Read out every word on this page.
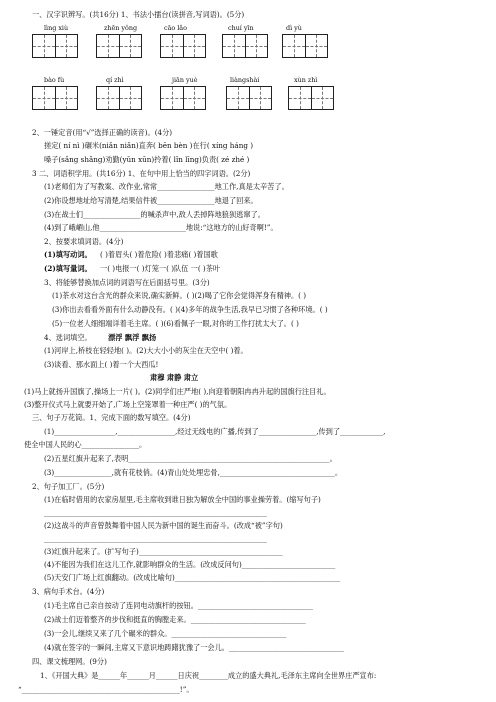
一、汉字识辨写。(共16分) 1、书法小擂台(读拼音,写词语)。(5分)
lìng xiù	zhēn yǒng	cāo lǎo	chuí yīn	dì yù
bào fù	qí zhì	jiān yuè	liàngshài	xùn zhì
2、一锤定音(用“√”选择正确的读音)。(4分)
搓定( ní nì )碾米(niǎn niǎn)直奔( bēn bèn )在行( xíng háng )
嗓子(sǎng shǎng)劝勤(yǔn xūn)拎着( lǐn līng)负责( zé zhé )
3 二、词语积学用。(共16分) 1、在句中用上恰当的四字词语。(2分)
(1)老师们为了写教案、改作业,常常________________地工作,真是太辛苦了。
(2)你设想地址给写清楚,结果信件被________________地退了回来。
(3)在战士们________________的喊杀声中,敌人丢掉阵地狼狈逃窜了。
(4)到了峨嵋山,他________________________地说:“这地方的山好奇啊!”。
2、按要求填词语。(4分)
(1)填写动词。 ( )着眉头( )着危险( )着悲痛( )着国歌
(2)填写量词。 一( )电报一( )灯笼一( )队伍 一( )茶叶
3、将能够替换加点词的词语写在后面括号里。(3分)
(1)茶水对这台含光的群众来说,确实新鲜。( )(2)喝了它你会觉得浑身有精神。( )
(3)你出去看看外面有什么动静没有。( )(4)多年的战争生活,我早已习惯了各种环境。( )
(5)一位老人细细端详着毛主席。( )(6)看佩子一眼,对你的工作打扰太大了。( )
4、选词填空。 漂浮 飘浮 飘扬
(1)河岸上,桥枝在轻轻地( )。(2)大大小小的灰尘在天空中( )着。
(3)谈看、那水面上( )着一个大西瓜!
肃穆 肃静 肃立
(1)马上就扬升国旗了,操场上一片( )。(2)同学们庄严地( ),向迎着朝阳冉冉升起的国旗行注目礼。
(3)整开仪式马上就要开始了,广场上空笼罩着一种庄严( )的气氛。
三、句子万花筒。1、完成下面的数写填空。(4分)
(1)_________________,________________,经过无线电的广播,传到了________________,传到了____________,
使全中国人民的心________________。
(2)五星红旗升起来了,表明________________________________________________________。
(3)________________,就有花枝俏。(4)青山处处埋忠骨,________________________________。
2、句子加工厂。(5分)
(1)在临时借用的农家房屋里,毛主席收到谁日独为解放全中国的事业操劳着。(缩写句子)
______________________________________________________________
(2)这战斗的声音曾鼓舞着中国人民为新中国的诞生而奋斗。(改成“被”字句)
______________________________________________________________
(3)红旗升起来了。(扩写句子)________________________________________
(4)不能因为我们在这儿工作,就影响群众的生活。(改成反问句)__________________________
(5)天安门广场上红旗翻动。(改成比喻句)______________________________________________
3、病句手术台。(4分)
(1)毛主席自己亲自按动了连同电动旗杆的按钮。________________________________
(2)战士们迈着整齐的步伐和挺直的胸膛走来。________________________________
(3)一会儿,继续又来了几个碾米的群众。________________________________
(4)就在签字的一瞬间,主席又下意识地踌躇犹豫了一会儿。________________________________
四、课文梳理网。(9分)
1、《开国大典》是______年______月______日庆祝________成立的盛大典礼,毛泽东主席向全世界庄严宣布:
“____________________________________________!”。
